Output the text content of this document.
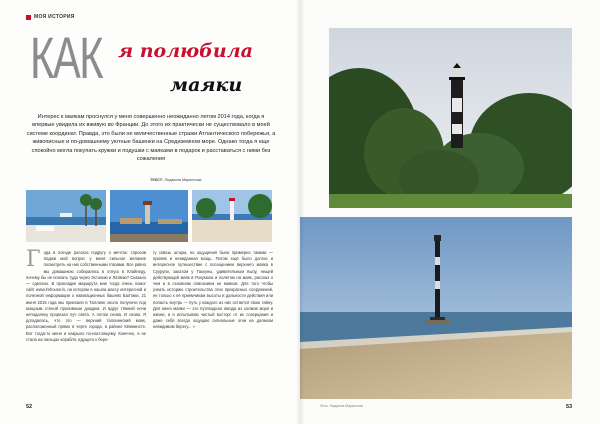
МОЯ ИСТОРИЯ
КАК я полюбила
маяки
Интерес к маякам проснулся у меня совершенно неожиданно летом 2014 года, когда я впервые увидела их вживую во Франции. До этого их практически не существовало в моей системе координат. Правда, это были не величественные стражи Атлантического побережья, а живописные и по-домашнему уютные башенки на Средиземном море. Однако тогда я еще спокойно могла покупать кружки и подушки с маяками в подарок и расставаться с ними без сожаления
ТЕКСТ: Людмила Маркелова
Года в поезде рассказ подругу о мечтах: спросив Хаджи мой вопрос у меня сильное желание посмотреть на них собственными глазами. Все равно мы домашнюю собирались в отпуск в Клайпеду, почему бы не поехать туда через Эстонию и Латвию? Сказано — сделано. В прокладке маршрута мне тогда очень помог сайт www.lmhouse.lv, на котором я нашла массу интересной и полезной информации о навигационных башнях Балтики. 21 июня 2015 года мы приехали в Таллинн около полуночи под мощным стеной проливным дождем. И вдруг тёмной ночи неподалеку прорезал луч света. А потом снова. И снова. Я догадалась, что это — верхний таллиннский маяк, расположенный прямо в черте города, в районе Кёмнинсте. Вот тогда-то меня и накрыло по-настоящему. Конечно, я не стала на пальцах корабля, идущего к бере-
гу сквозь шторм, но ощущения были примерно такими — прилив и невиданная мощь. Потом ещё было долгое и интересное путешествие с посещением верхнего маяка в Суурупи, закатом у Тахкуны, удивительным Кыпу, нещей действующей маяк в Рохукюла и полетом на маяк, рассказ о чем и в основном описанием не маяков. Для того чтобы узнать историю строительства этих прекрасных сооружений, не только к её приемчикам высоты и дальности действия или попасть внутрь — путь у каждого из них остается свою тайну. Для меня маяки — это путеводная звезда из холмов моря и жизни, и я испытываю чистый восторг от их созерцания и даже себя всегда ощущаю сигнальные огни на далеком невидимом берегу... »
52	Фото: Людмила Маркелова	53
